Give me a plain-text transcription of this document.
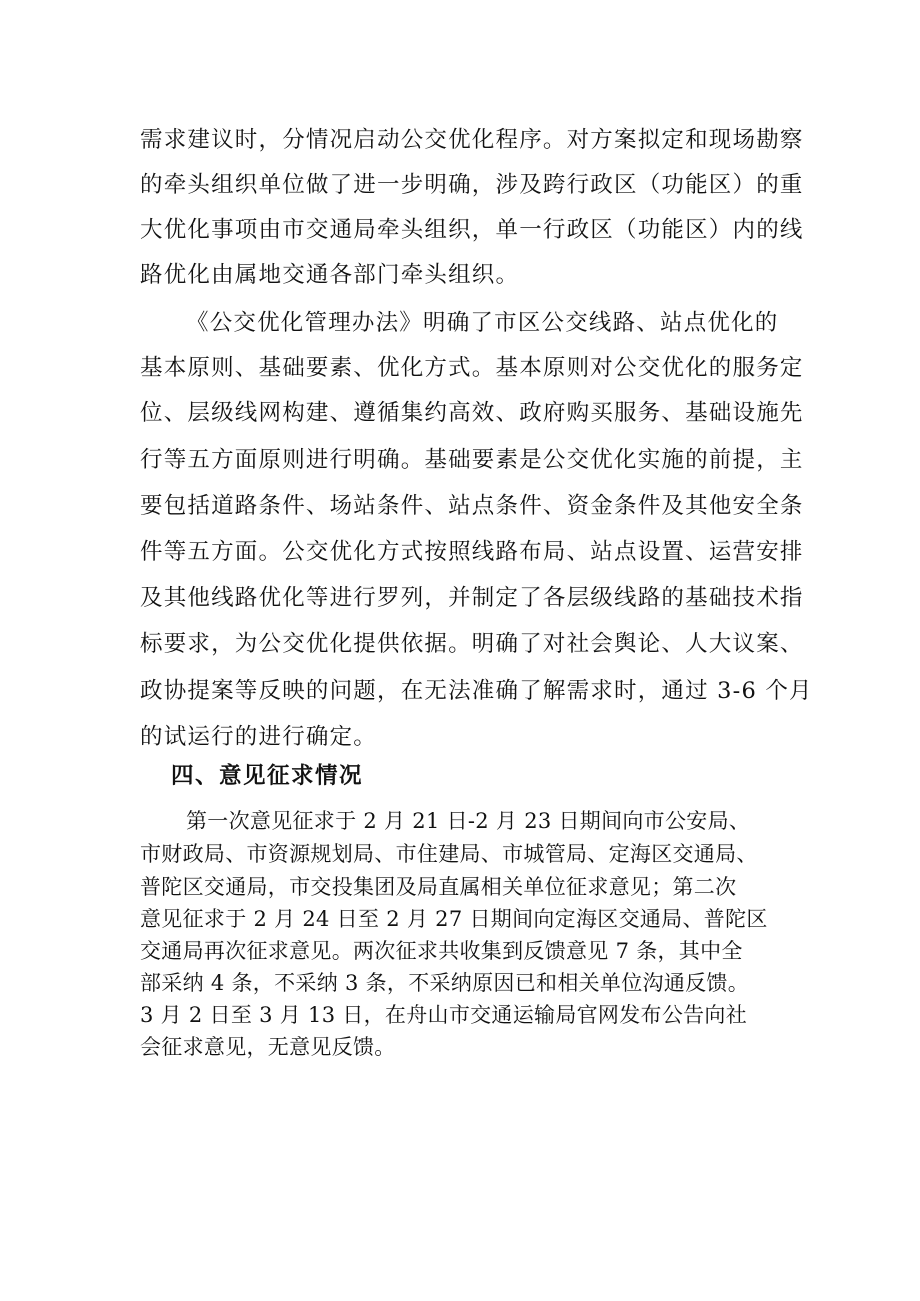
需求建议时，分情况启动公交优化程序。对方案拟定和现场勘察
的牵头组织单位做了进一步明确，涉及跨行政区（功能区）的重
大优化事项由市交通局牵头组织，单一行政区（功能区）内的线
路优化由属地交通各部门牵头组织。
《公交优化管理办法》明确了市区公交线路、站点优化的
基本原则、基础要素、优化方式。基本原则对公交优化的服务定
位、层级线网构建、遵循集约高效、政府购买服务、基础设施先
行等五方面原则进行明确。基础要素是公交优化实施的前提，主
要包括道路条件、场站条件、站点条件、资金条件及其他安全条
件等五方面。公交优化方式按照线路布局、站点设置、运营安排
及其他线路优化等进行罗列，并制定了各层级线路的基础技术指
标要求，为公交优化提供依据。明确了对社会舆论、人大议案、
政协提案等反映的问题，在无法准确了解需求时，通过 3-6 个月
的试运行的进行确定。
四、意见征求情况
第一次意见征求于 2 月 21 日-2 月 23 日期间向市公安局、
市财政局、市资源规划局、市住建局、市城管局、定海区交通局、
普陀区交通局，市交投集团及局直属相关单位征求意见；第二次
意见征求于 2 月 24 日至 2 月 27 日期间向定海区交通局、普陀区
交通局再次征求意见。两次征求共收集到反馈意见 7 条，其中全
部采纳 4 条，不采纳 3 条，不采纳原因已和相关单位沟通反馈。
3 月 2 日至 3 月 13 日，在舟山市交通运输局官网发布公告向社
会征求意见，无意见反馈。
